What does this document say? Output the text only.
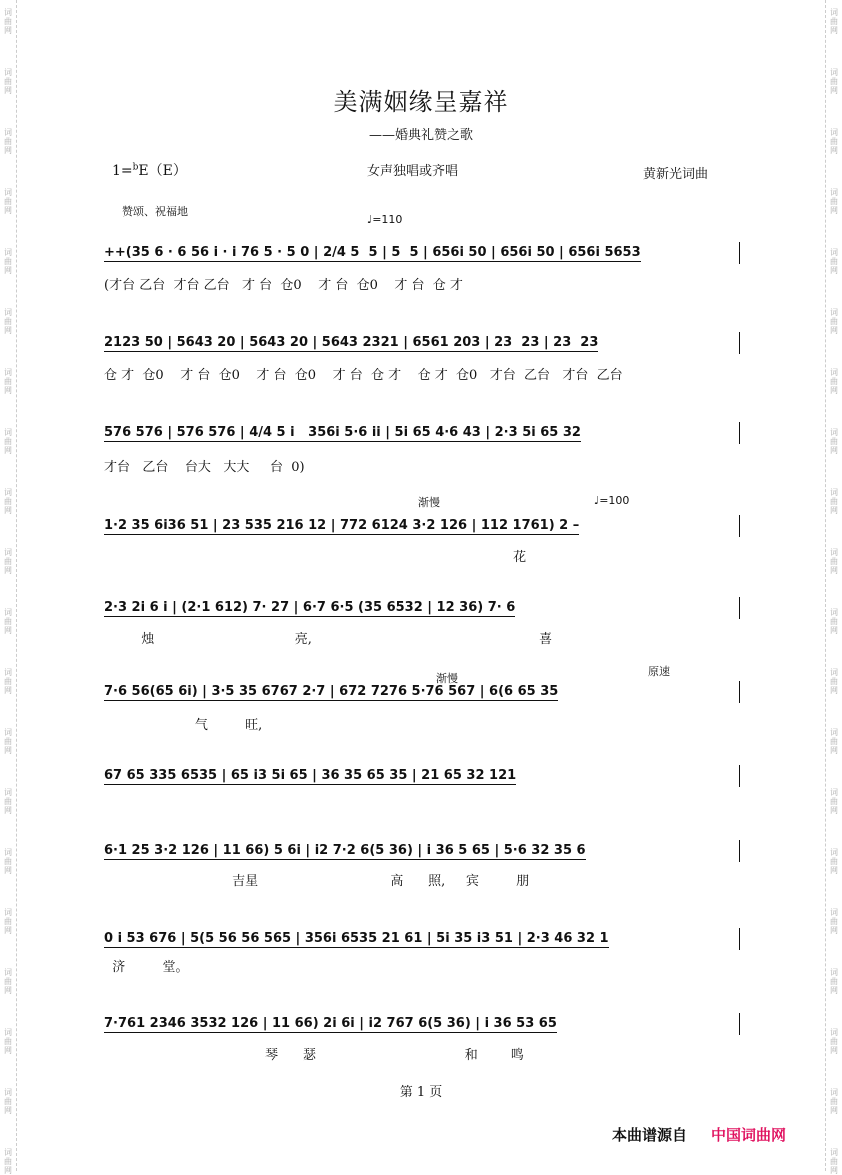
词
曲
网
词
曲
网
词
曲
网
词
曲
网
词
曲
网
词
曲
网
词
曲
网
词
曲
网
词
曲
网
词
曲
网
词
曲
网
词
曲
网
词
曲
网
词
曲
网
词
曲
网
词
曲
网
词
曲
网
词
曲
网
词
曲
网
词
曲
网
词
曲
网
词
曲
网
词
曲
网
词
曲
网
词
曲
网
词
曲
网
词
曲
网
词
曲
网
词
曲
网
词
曲
网
词
曲
网
词
曲
网
词
曲
网
词
曲
网
词
曲
网
词
曲
网
词
曲
网
词
曲
网
词
曲
网
词
曲
网
美满姻缘呈嘉祥
——婚典礼赞之歌
1=$^b$E（E）	女声独唱或齐唱	黄新光词曲
赞颂、祝福地
♩=110
渐慢	♩=100
渐慢
原速
++(35 6 · 6 56 i · i 76 5 · 5 0 | 2/4 5  5 | 5  5 | 656i 50 | 656i 50 | 656i 5653
(才台 乙台  才台 乙台   才 台  仓0    才 台  仓0    才 台  仓 才
2123 50 | 5643 20 | 5643 20 | 5643 2321 | 6561 203 | 23  23 | 23  23
仓 才  仓0    才 台  仓0    才 台  仓0    才 台  仓 才    仓 才  仓0   才台  乙台   才台  乙台
576 576 | 576 576 | 4/4 5 i   356i 5·6 ii | 5i 65 4·6 43 | 2·3 5i 65 32
才台   乙台    台大   大大     台  0)
1·2 35 6i36 51 | 23 535 216 12 | 772 6124 3·2 126 | 112 1761) 2 –
花
2·3 2i 6 i | (2·1 612) 7· 27 | 6·7 6·5 (35 6532 | 12 36) 7· 6
烛                                  亮,                                                       喜
7·6 56(65 6i) | 3·5 35 6767 2·7 | 672 7276 5·76 567 | 6(6 65 35
气         旺,
67 65 335 6535 | 65 i3 5i 65 | 36 35 65 35 | 21 65 32 121
6·1 25 3·2 126 | 11 66) 5 6i | i2 7·2 6(5 36) | i 36 5 65 | 5·6 32 35 6
吉星                                高      照,     宾         朋
0 i 53 676 | 5(5 56 56 565 | 356i 6535 21 61 | 5i 35 i3 51 | 2·3 46 32 1
济         堂。
7·761 2346 3532 126 | 11 66) 2i 6i | i2 767 6(5 36) | i 36 53 65
琴      瑟                                    和        鸣
第 1 页
本曲谱源自 中国词曲网
